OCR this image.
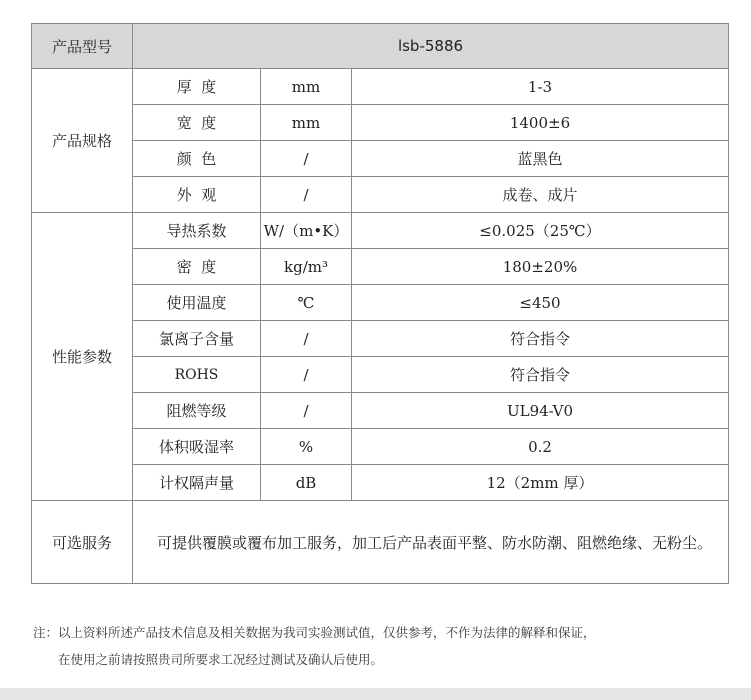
产品型号	lsb-5886		
产品规格	厚  度	mm	1-3
	宽  度	mm	1400±6
	颜  色	/	蓝黑色
	外  观	/	成卷、成片
性能参数	导热系数	W/（m•K）	≤0.025（25℃）
	密  度	kg/m³	180±20%
	使用温度	℃	≤450
	氯离子含量	/	符合指令
	ROHS	/	符合指令
	阻燃等级	/	UL94-V0
	体积吸湿率	%	0.2
	计权隔声量	dB	12（2mm 厚）
可选服务	可提供覆膜或覆布加工服务，加工后产品表面平整、防水防潮、阻燃绝缘、无粉尘。		
注：以上资料所述产品技术信息及相关数据为我司实验测试值，仅供参考，不作为法律的解释和保证，
在使用之前请按照贵司所要求工况经过测试及确认后使用。
